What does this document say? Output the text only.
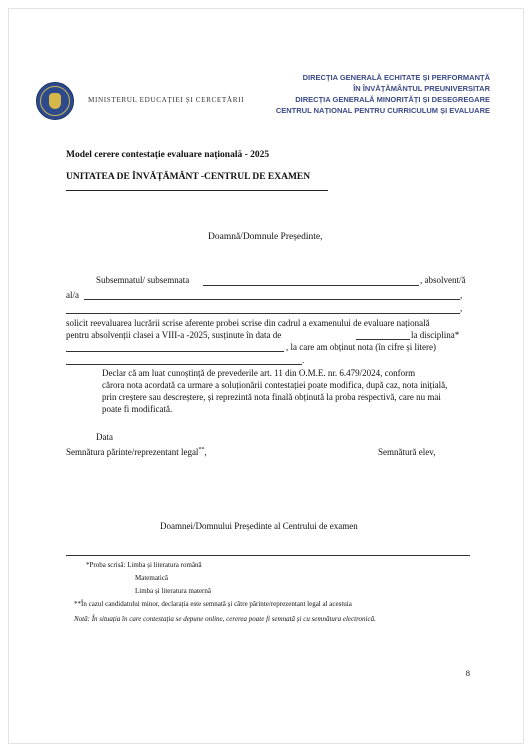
MINISTERUL EDUCAȚIEI ȘI CERCETĂRII
DIRECȚIA GENERALĂ ECHITATE ȘI PERFORMANȚĂ
ÎN ÎNVĂȚĂMÂNTUL PREUNIVERSITAR
DIRECȚIA GENERALĂ MINORITĂȚI ȘI DESEGREGARE
CENTRUL NAȚIONAL PENTRU CURRICULUM ȘI EVALUARE
Model cerere contestație evaluare națională - 2025
UNITATEA DE ÎNVĂȚĂMÂNT -CENTRUL DE EXAMEN
Doamnă/Domnule Președinte,
Subsemnatul/ subsemnata	, absolvent/ă
al/a	,
,
solicit reevaluarea lucrării scrise aferente probei scrise din cadrul a examenului de evaluare națională
pentru absolvenții clasei a VIII-a -2025, susținute în data de	la disciplina*
, la care am obținut nota (în cifre și litere)
.
Declar că am luat cunoștință de prevederile art. 11 din O.M.E. nr. 6.479/2024, conform
cărora nota acordată ca urmare a soluționării contestației poate modifica, după caz, nota inițială,
prin creștere sau descreștere, și reprezintă nota finală obținută la proba respectivă, care nu mai
poate fi modificată.
Data
Semnătura părinte/reprezentant legal**,	Semnătură elev,
Doamnei/Domnului Președinte al Centrului de examen
*Proba scrisă: Limba și literatura română
Matematică
Limba și literatura maternă
**În cazul candidatului minor, declarația este semnată și către părinte/reprezentant legal al acestuia
Notă: În situația în care contestația se depune online, cererea poate fi semnată și cu semnătura electronică.
8
